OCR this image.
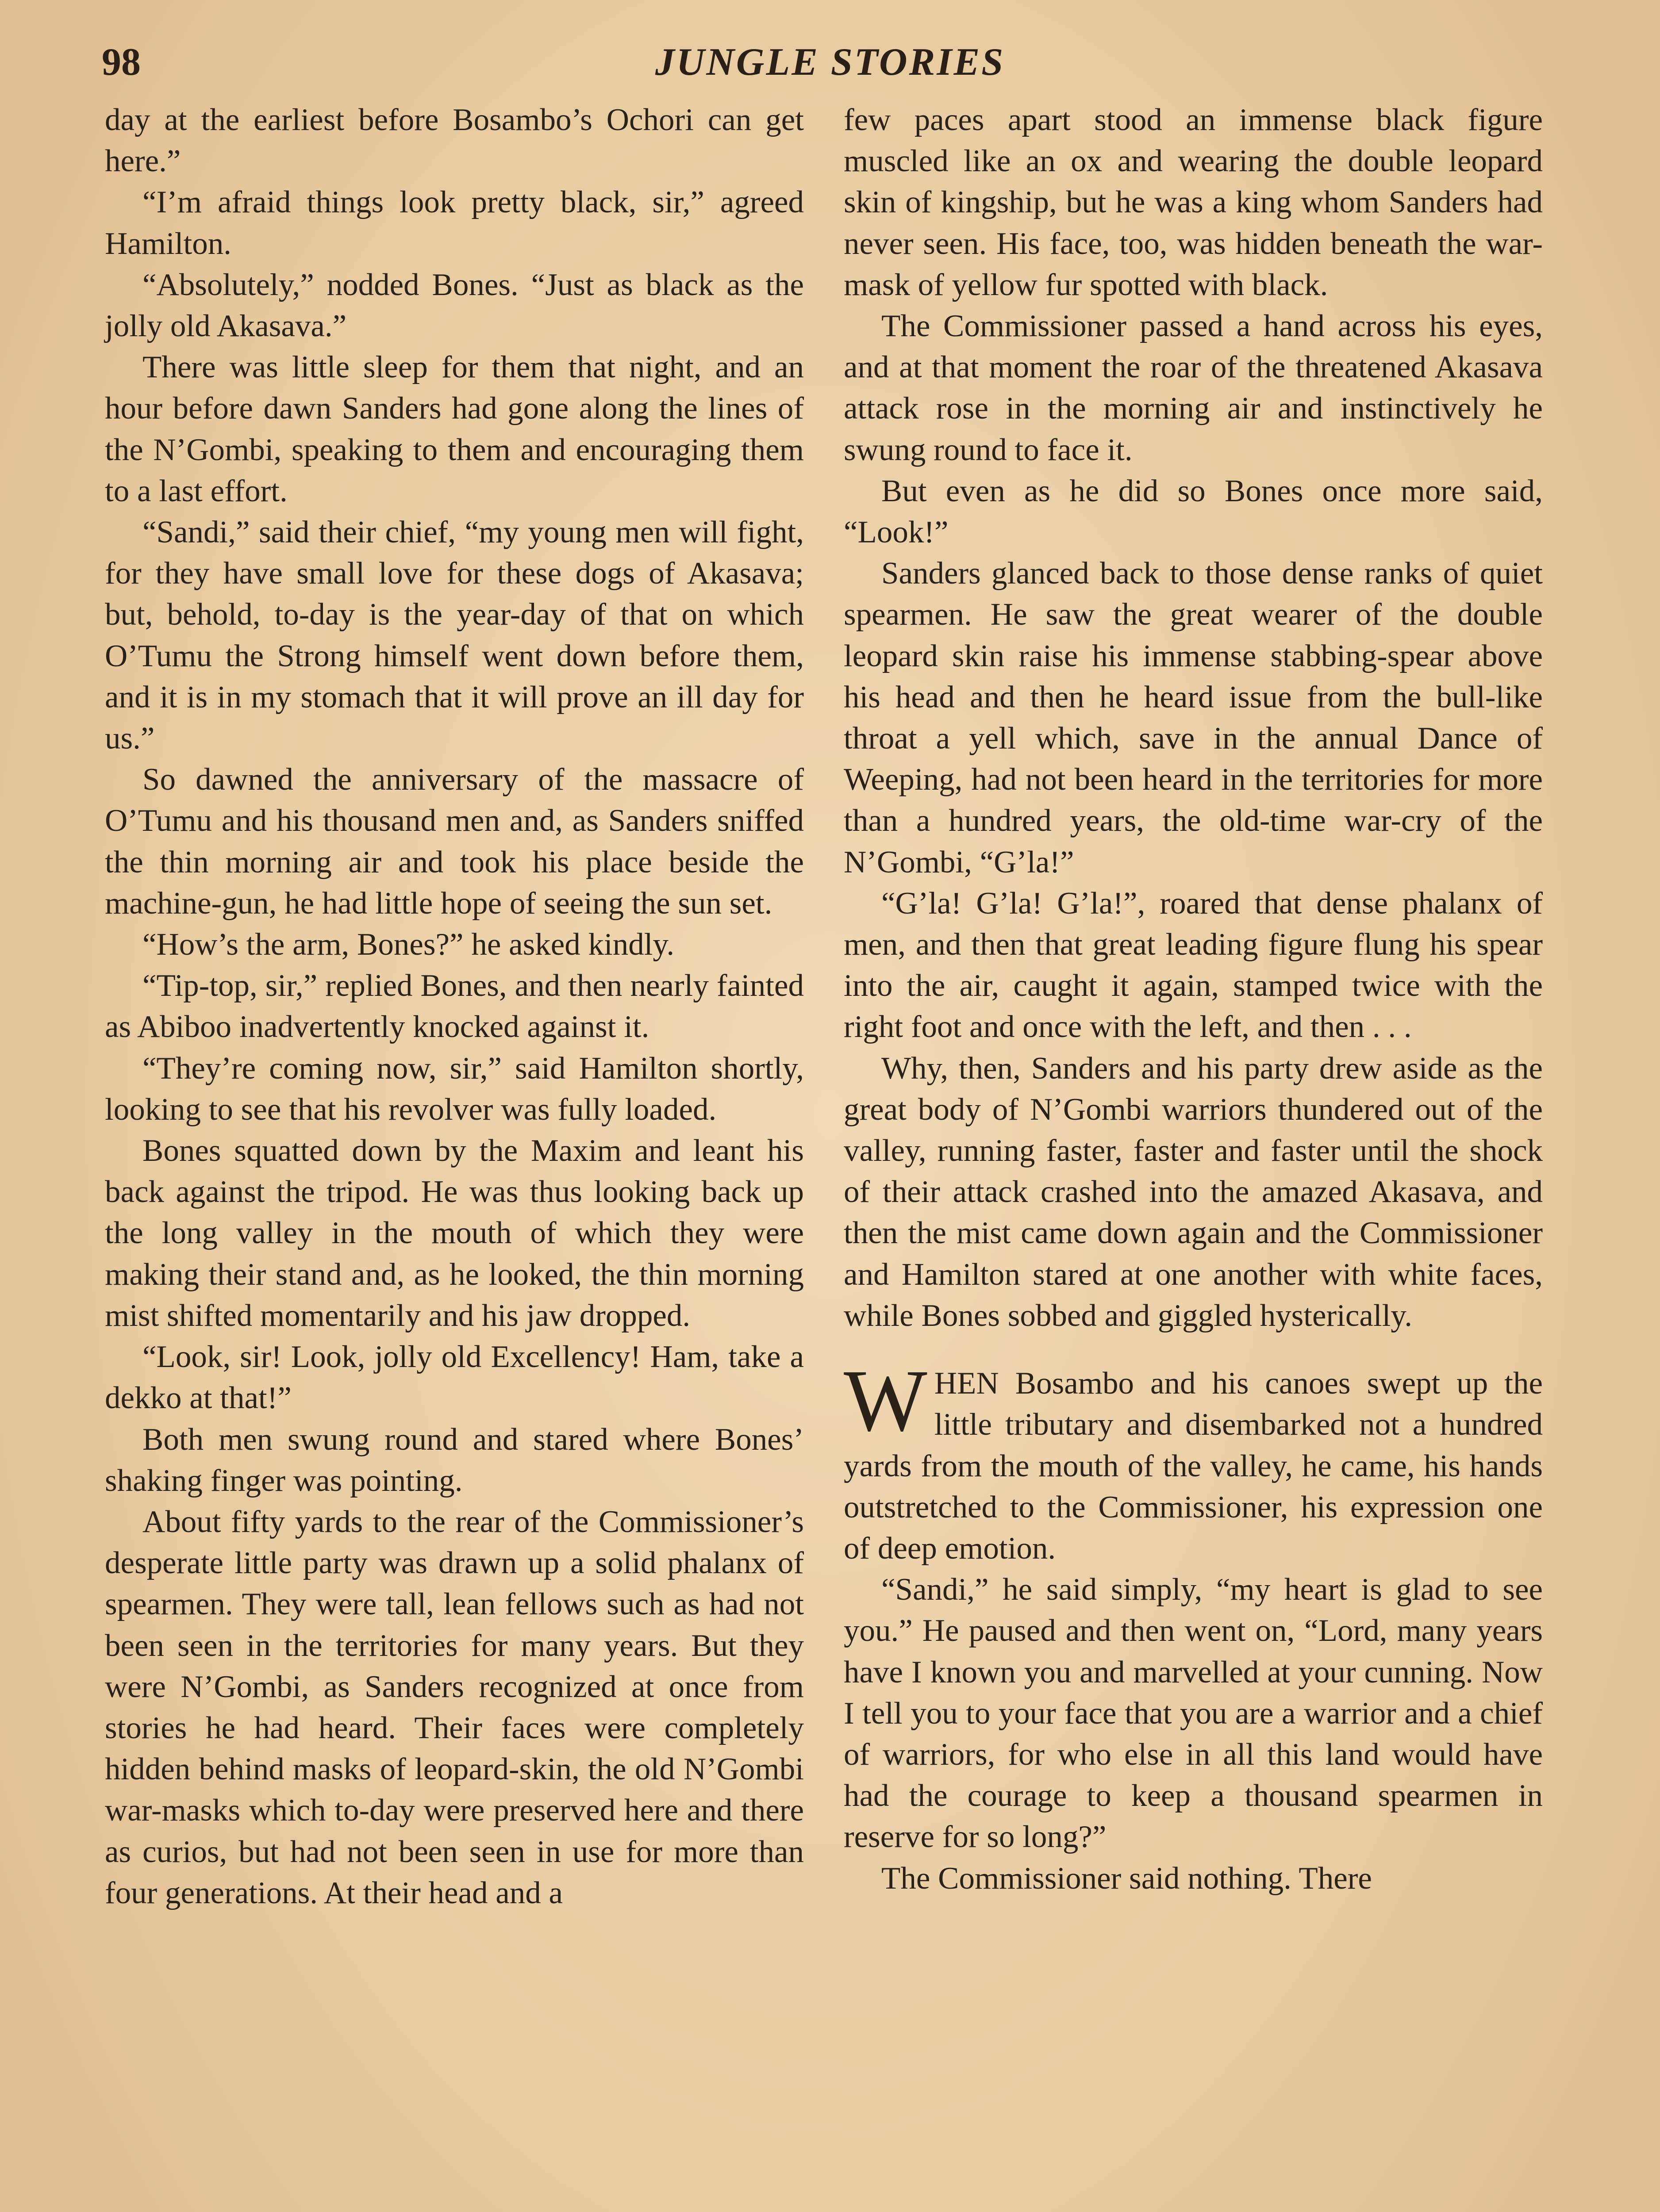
98	JUNGLE STORIES

day at the earliest before Bosambo’s Ochori can get here.”

“I’m afraid things look pretty black, sir,” agreed Hamilton.

“Absolutely,” nodded Bones. “Just as black as the jolly old Akasava.”

There was little sleep for them that night, and an hour before dawn Sanders had gone along the lines of the N’Gombi, speaking to them and encouraging them to a last effort.

“Sandi,” said their chief, “my young men will fight, for they have small love for these dogs of Akasava; but, behold, to-day is the year-day of that on which O’Tumu the Strong himself went down before them, and it is in my stomach that it will prove an ill day for us.”

So dawned the anniversary of the massacre of O’Tumu and his thousand men and, as Sanders sniffed the thin morning air and took his place beside the machine-gun, he had little hope of seeing the sun set.

“How’s the arm, Bones?” he asked kindly.

“Tip-top, sir,” replied Bones, and then nearly fainted as Abiboo inadvertently knocked against it.

“They’re coming now, sir,” said Hamilton shortly, looking to see that his revolver was fully loaded.

Bones squatted down by the Maxim and leant his back against the tripod. He was thus looking back up the long valley in the mouth of which they were making their stand and, as he looked, the thin morning mist shifted momentarily and his jaw dropped.

“Look, sir! Look, jolly old Excellency! Ham, take a dekko at that!”

Both men swung round and stared where Bones’ shaking finger was pointing.

About fifty yards to the rear of the Commissioner’s desperate little party was drawn up a solid phalanx of spearmen. They were tall, lean fellows such as had not been seen in the territories for many years. But they were N’Gombi, as Sanders recognized at once from stories he had heard. Their faces were completely hidden behind masks of leopard-skin, the old N’Gombi war-masks which to-day were preserved here and there as curios, but had not been seen in use for more than four generations. At their head and a

few paces apart stood an immense black figure muscled like an ox and wearing the double leopard skin of kingship, but he was a king whom Sanders had never seen. His face, too, was hidden beneath the war-mask of yellow fur spotted with black.

The Commissioner passed a hand across his eyes, and at that moment the roar of the threatened Akasava attack rose in the morning air and instinctively he swung round to face it.

But even as he did so Bones once more said, “Look!”

Sanders glanced back to those dense ranks of quiet spearmen. He saw the great wearer of the double leopard skin raise his immense stabbing-spear above his head and then he heard issue from the bull-like throat a yell which, save in the annual Dance of Weeping, had not been heard in the territories for more than a hundred years, the old-time war-cry of the N’Gombi, “G’la!”

“G’la! G’la! G’la!”, roared that dense phalanx of men, and then that great leading figure flung his spear into the air, caught it again, stamped twice with the right foot and once with the left, and then . . .

Why, then, Sanders and his party drew aside as the great body of N’Gombi warriors thundered out of the valley, running faster, faster and faster until the shock of their attack crashed into the amazed Akasava, and then the mist came down again and the Commissioner and Hamilton stared at one another with white faces, while Bones sobbed and giggled hysterically.

WHEN Bosambo and his canoes swept up the little tributary and disembarked not a hundred yards from the mouth of the valley, he came, his hands outstretched to the Commissioner, his expression one of deep emotion.

“Sandi,” he said simply, “my heart is glad to see you.” He paused and then went on, “Lord, many years have I known you and marvelled at your cunning. Now I tell you to your face that you are a warrior and a chief of warriors, for who else in all this land would have had the courage to keep a thousand spearmen in reserve for so long?”

The Commissioner said nothing. There
